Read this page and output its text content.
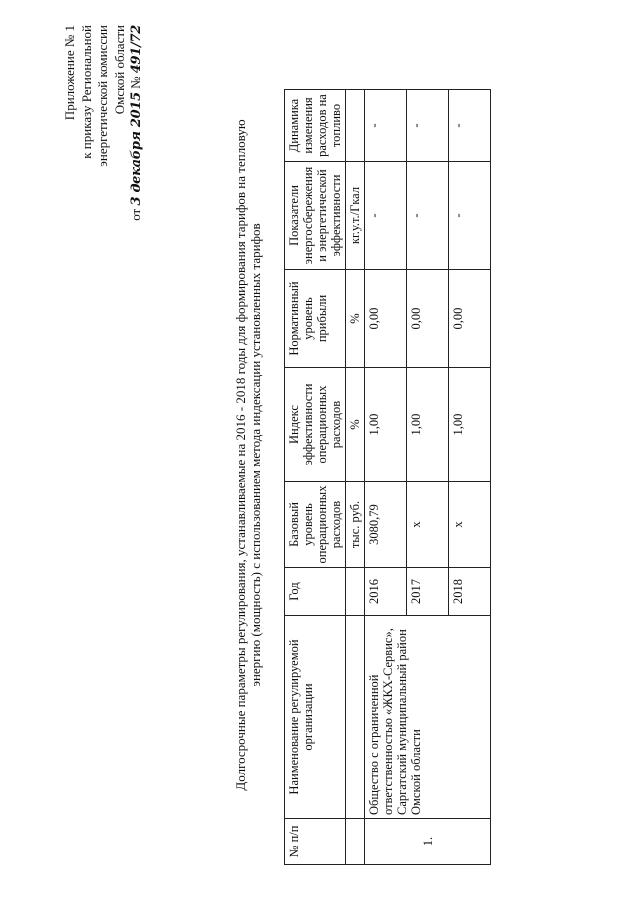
Приложение № 1 к приказу Региональной энергетической комиссии Омской области
от 3 декабря 2015 № 491/72
Долгосрочные параметры регулирования, устанавливаемые на 2016 - 2018 годы для формирования тарифов на тепловую энергию (мощность) с использованием метода индексации установленных тарифов
№ п/п	Наименование регулируемой организации	Год	Базовый уровень операционных расходов	Индекс эффективности операционных расходов	Нормативный уровень прибыли	Показатели энергосбережения и энергетической эффективности	Динамика изменения расходов на топливо
			тыс. руб.	%	%	кг.у.т./Гкал	
1.	Общество с ограниченной ответственностью «ЖКХ-Сервис», Саргатский муниципальный район Омской области	2016	3080,79	1,00	0,00	-	-
		2017	x	1,00	0,00	-	-
		2018	x	1,00	0,00	-	-
